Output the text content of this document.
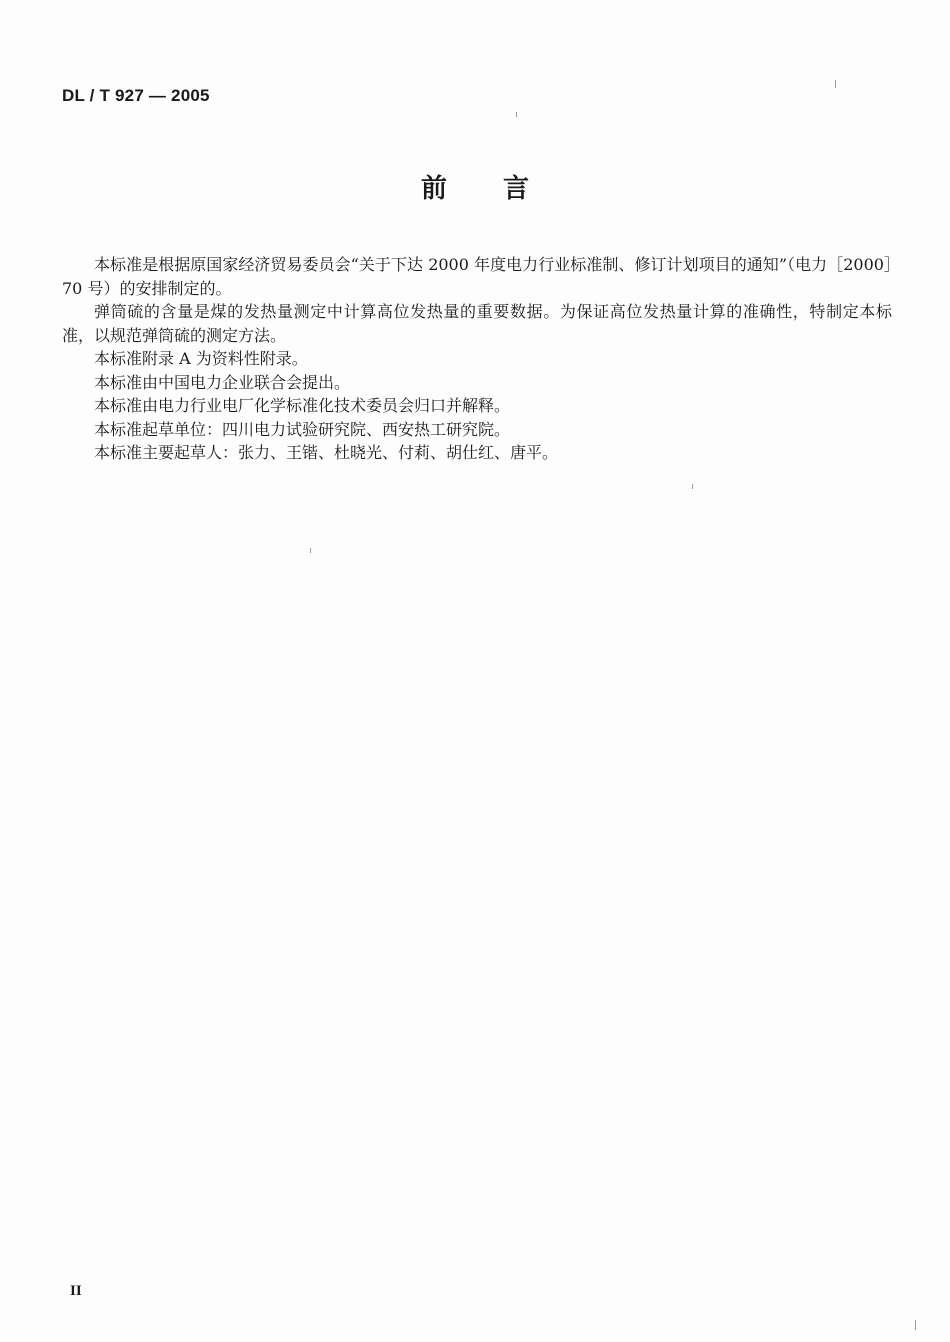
DL / T 927 — 2005
前 言

本标准是根据原国家经济贸易委员会“关于下达 2000 年度电力行业标准制、修订计划项目的通知”（电力［2000］70 号）的安排制定的。

弹筒硫的含量是煤的发热量测定中计算高位发热量的重要数据。为保证高位发热量计算的准确性，特制定本标准，以规范弹筒硫的测定方法。

本标准附录 A 为资料性附录。

本标准由中国电力企业联合会提出。

本标准由电力行业电厂化学标准化技术委员会归口并解释。

本标准起草单位：四川电力试验研究院、西安热工研究院。

本标准主要起草人：张力、王锴、杜晓光、付莉、胡仕红、唐平。

II
